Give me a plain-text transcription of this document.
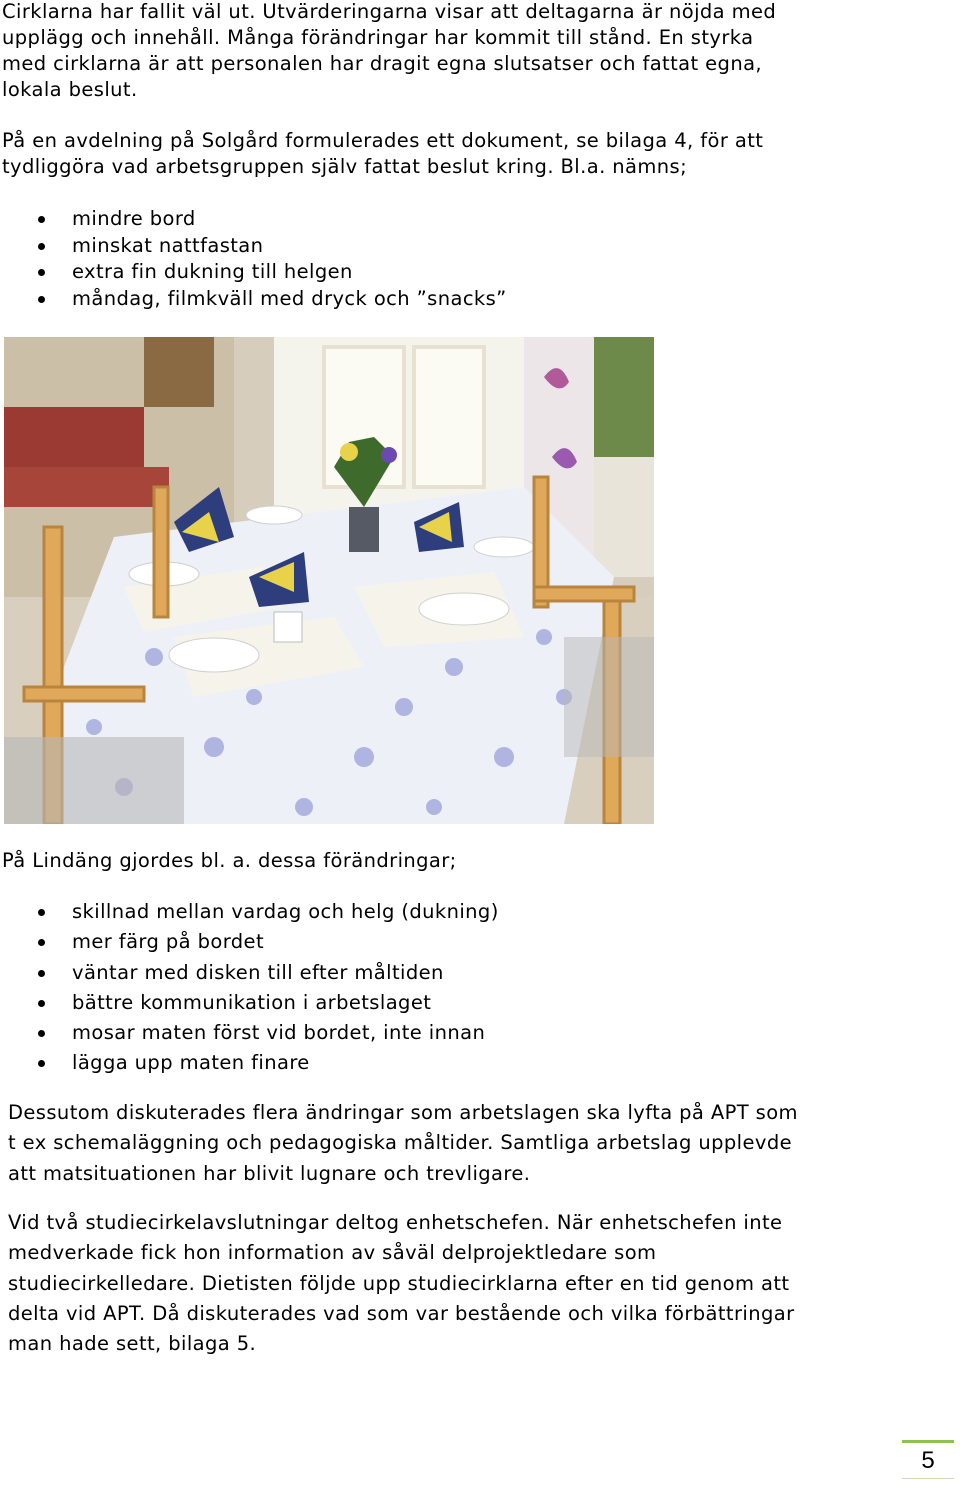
Cirklarna har fallit väl ut. Utvärderingarna visar att deltagarna är nöjda med
upplägg och innehåll. Många förändringar har kommit till stånd. En styrka
med cirklarna är att personalen har dragit egna slutsatser och fattat egna,
lokala beslut.
På en avdelning på Solgård formulerades ett dokument, se bilaga 4, för att
tydliggöra vad arbetsgruppen själv fattat beslut kring. Bl.a. nämns;
mindre bord
minskat nattfastan
extra fin dukning till helgen
måndag, filmkväll med dryck och ”snacks”

På Lindäng gjordes bl. a. dessa förändringar;

skillnad mellan vardag och helg (dukning)
mer färg på bordet
väntar med disken till efter måltiden
bättre kommunikation i arbetslaget
mosar maten först vid bordet, inte innan
lägga upp maten finare
Dessutom diskuterades flera ändringar som arbetslagen ska lyfta på APT som
t ex schemaläggning och pedagogiska måltider. Samtliga arbetslag upplevde
att matsituationen har blivit lugnare och trevligare.
Vid två studiecirkelavslutningar deltog enhetschefen. När enhetschefen inte
medverkade fick hon information av såväl delprojektledare som
studiecirkelledare. Dietisten följde upp studiecirklarna efter en tid genom att
delta vid APT. Då diskuterades vad som var bestående och vilka förbättringar
man hade sett, bilaga 5.
5
